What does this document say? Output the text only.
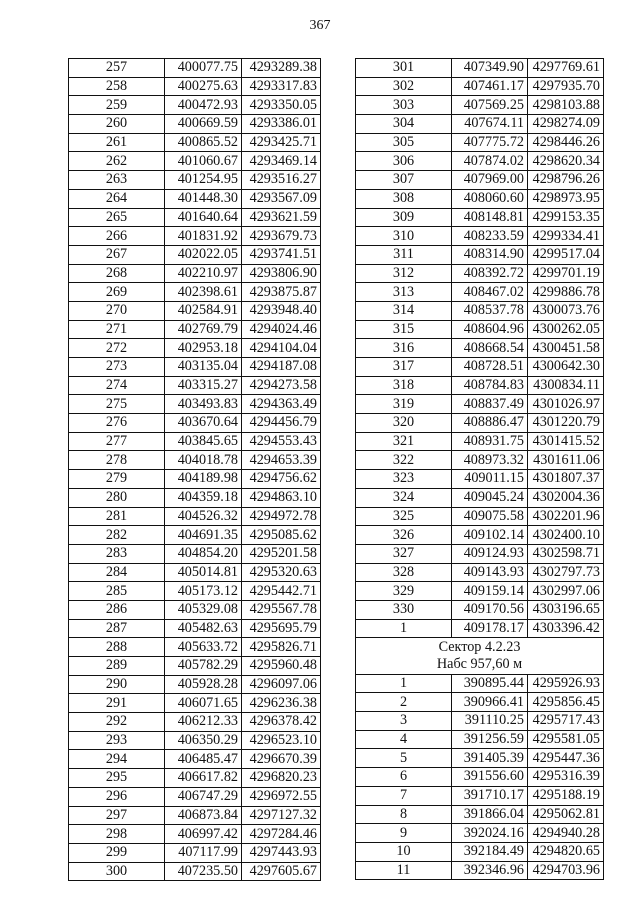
367
257	400077.75	4293289.38
258	400275.63	4293317.83
259	400472.93	4293350.05
260	400669.59	4293386.01
261	400865.52	4293425.71
262	401060.67	4293469.14
263	401254.95	4293516.27
264	401448.30	4293567.09
265	401640.64	4293621.59
266	401831.92	4293679.73
267	402022.05	4293741.51
268	402210.97	4293806.90
269	402398.61	4293875.87
270	402584.91	4293948.40
271	402769.79	4294024.46
272	402953.18	4294104.04
273	403135.04	4294187.08
274	403315.27	4294273.58
275	403493.83	4294363.49
276	403670.64	4294456.79
277	403845.65	4294553.43
278	404018.78	4294653.39
279	404189.98	4294756.62
280	404359.18	4294863.10
281	404526.32	4294972.78
282	404691.35	4295085.62
283	404854.20	4295201.58
284	405014.81	4295320.63
285	405173.12	4295442.71
286	405329.08	4295567.78
287	405482.63	4295695.79
288	405633.72	4295826.71
289	405782.29	4295960.48
290	405928.28	4296097.06
291	406071.65	4296236.38
292	406212.33	4296378.42
293	406350.29	4296523.10
294	406485.47	4296670.39
295	406617.82	4296820.23
296	406747.29	4296972.55
297	406873.84	4297127.32
298	406997.42	4297284.46
299	407117.99	4297443.93
300	407235.50	4297605.67
301	407349.90	4297769.61
302	407461.17	4297935.70
303	407569.25	4298103.88
304	407674.11	4298274.09
305	407775.72	4298446.26
306	407874.02	4298620.34
307	407969.00	4298796.26
308	408060.60	4298973.95
309	408148.81	4299153.35
310	408233.59	4299334.41
311	408314.90	4299517.04
312	408392.72	4299701.19
313	408467.02	4299886.78
314	408537.78	4300073.76
315	408604.96	4300262.05
316	408668.54	4300451.58
317	408728.51	4300642.30
318	408784.83	4300834.11
319	408837.49	4301026.97
320	408886.47	4301220.79
321	408931.75	4301415.52
322	408973.32	4301611.06
323	409011.15	4301807.37
324	409045.24	4302004.36
325	409075.58	4302201.96
326	409102.14	4302400.10
327	409124.93	4302598.71
328	409143.93	4302797.73
329	409159.14	4302997.06
330	409170.56	4303196.65
1	409178.17	4303396.42
Сектор 4.2.23		
Набс 957,60 м		
1	390895.44	4295926.93
2	390966.41	4295856.45
3	391110.25	4295717.43
4	391256.59	4295581.05
5	391405.39	4295447.36
6	391556.60	4295316.39
7	391710.17	4295188.19
8	391866.04	4295062.81
9	392024.16	4294940.28
10	392184.49	4294820.65
11	392346.96	4294703.96
